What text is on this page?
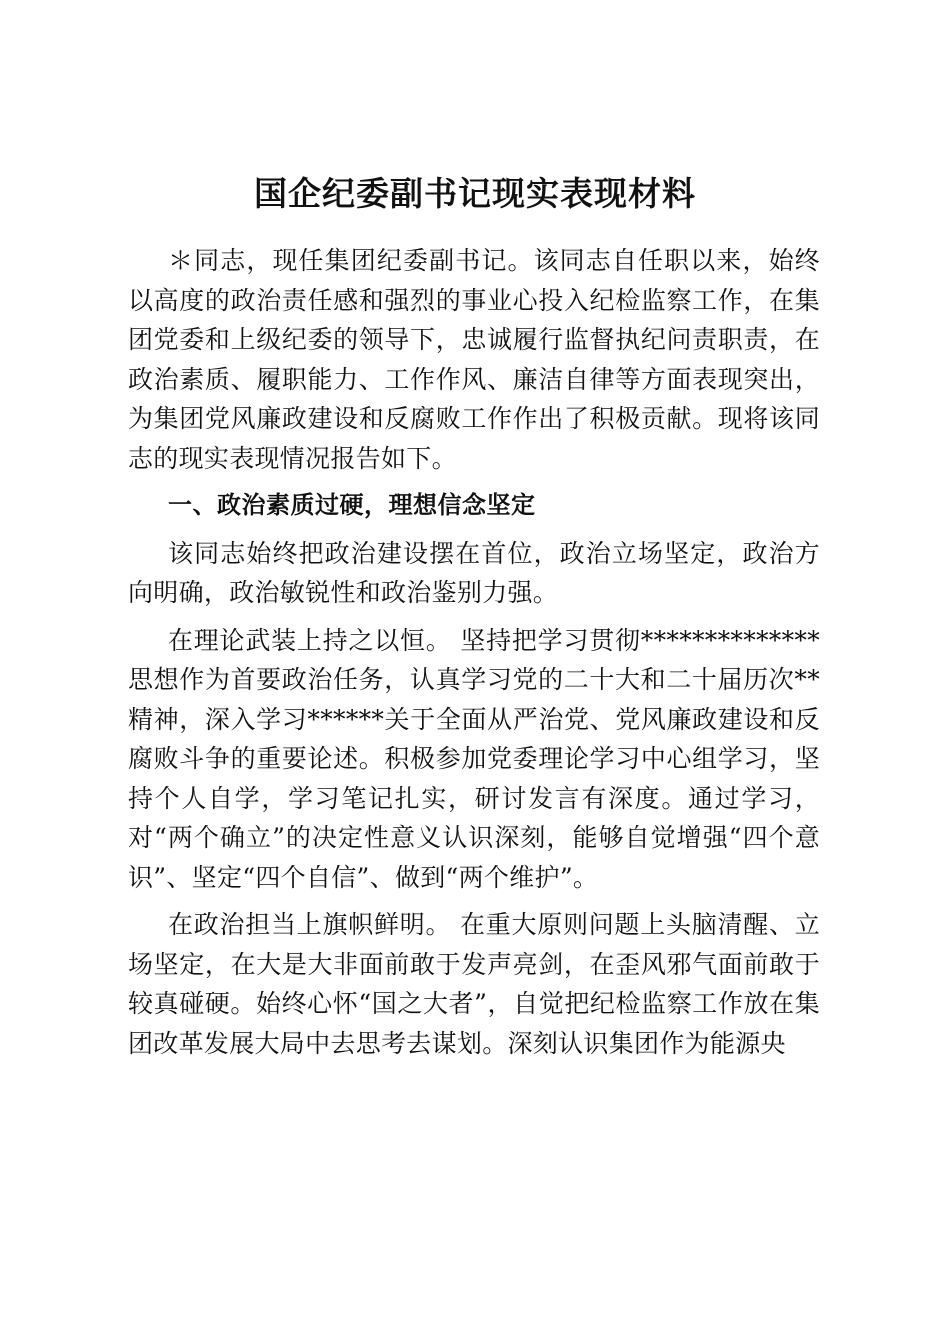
国企纪委副书记现实表现材料

＊同志，现任集团纪委副书记。该同志自任职以来，始终以高度的政治责任感和强烈的事业心投入纪检监察工作，在集团党委和上级纪委的领导下，忠诚履行监督执纪问责职责，在政治素质、履职能力、工作作风、廉洁自律等方面表现突出，为集团党风廉政建设和反腐败工作作出了积极贡献。现将该同志的现实表现情况报告如下。

一、政治素质过硬，理想信念坚定

该同志始终把政治建设摆在首位，政治立场坚定，政治方向明确，政治敏锐性和政治鉴别力强。

在理论武装上持之以恒。 坚持把学习贯彻**************思想作为首要政治任务，认真学习党的二十大和二十届历次**精神，深入学习******关于全面从严治党、党风廉政建设和反腐败斗争的重要论述。积极参加党委理论学习中心组学习，坚持个人自学，学习笔记扎实，研讨发言有深度。通过学习，对“两个确立”的决定性意义认识深刻，能够自觉增强“四个意识”、坚定“四个自信”、做到“两个维护”。

在政治担当上旗帜鲜明。 在重大原则问题上头脑清醒、立场坚定，在大是大非面前敢于发声亮剑，在歪风邪气面前敢于较真碰硬。始终心怀“国之大者”，自觉把纪检监察工作放在集团改革发展大局中去思考去谋划。深刻认识集团作为能源央
